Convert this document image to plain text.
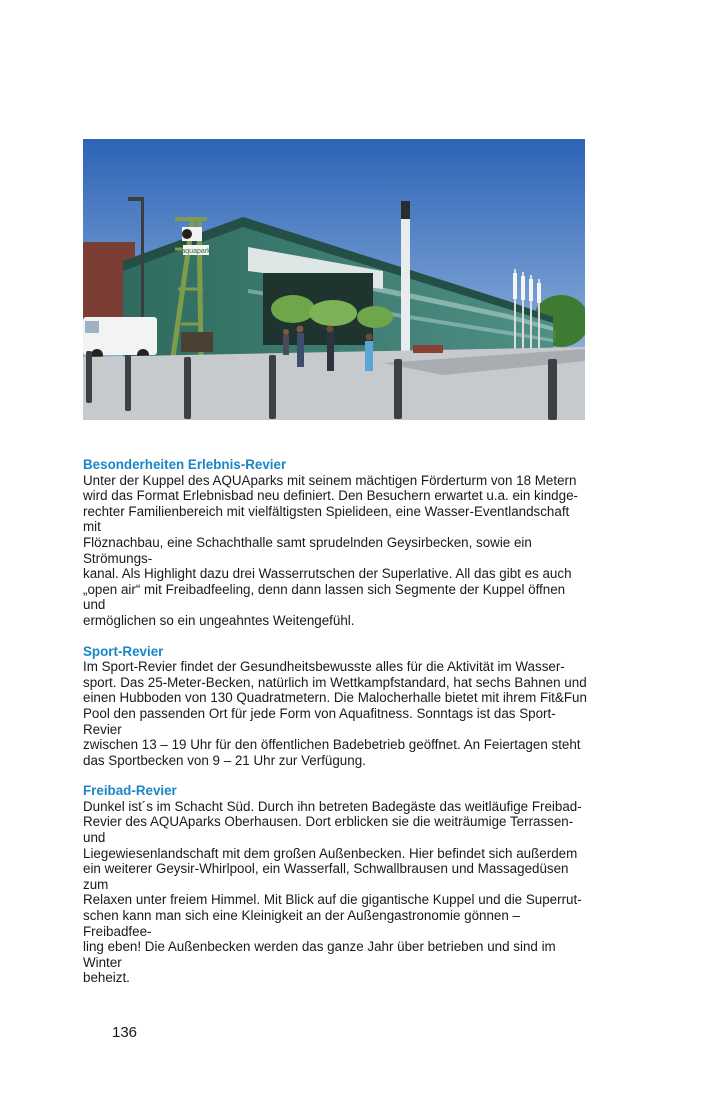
aquapark
Besonderheiten Erlebnis-Revier
Unter der Kuppel des AQUAparks mit seinem mächtigen Förderturm von 18 Metern
wird das Format Erlebnisbad neu definiert. Den Besuchern erwartet u.a. ein kindge-
rechter Familienbereich mit vielfältigsten Spielideen, eine Wasser-Eventlandschaft mit
Flöznachbau, eine Schachthalle samt sprudelnden Geysirbecken, sowie ein Strömungs-
kanal. Als Highlight dazu drei Wasserrutschen der Superlative. All das gibt es auch
„open air“ mit Freibadfeeling, denn dann lassen sich Segmente der Kuppel öffnen und
ermöglichen so ein ungeahntes Weitengefühl.
Sport-Revier
Im Sport-Revier findet der Gesundheitsbewusste alles für die Aktivität im Wasser-
sport. Das 25-Meter-Becken, natürlich im Wettkampfstandard, hat sechs Bahnen und
einen Hubboden von 130 Quadratmetern. Die Malocherhalle bietet mit ihrem Fit&Fun
Pool den passenden Ort für jede Form von Aquafitness. Sonntags ist das Sport-Revier
zwischen 13 – 19 Uhr für den öffentlichen Badebetrieb geöffnet. An Feiertagen steht
das Sportbecken von 9 – 21 Uhr zur Verfügung.
Freibad-Revier
Dunkel ist´s im Schacht Süd. Durch ihn betreten Badegäste das weitläufige Freibad-
Revier des AQUAparks Oberhausen. Dort erblicken sie die weiträumige Terrassen- und
Liegewiesenlandschaft mit dem großen Außenbecken. Hier befindet sich außerdem
ein weiterer Geysir-Whirlpool, ein Wasserfall, Schwallbrausen und Massagedüsen zum
Relaxen unter freiem Himmel. Mit Blick auf die gigantische Kuppel und die Superrut-
schen kann man sich eine Kleinigkeit an der Außengastronomie gönnen – Freibadfee-
ling eben! Die Außenbecken werden das ganze Jahr über betrieben und sind im Winter
beheizt.
136
